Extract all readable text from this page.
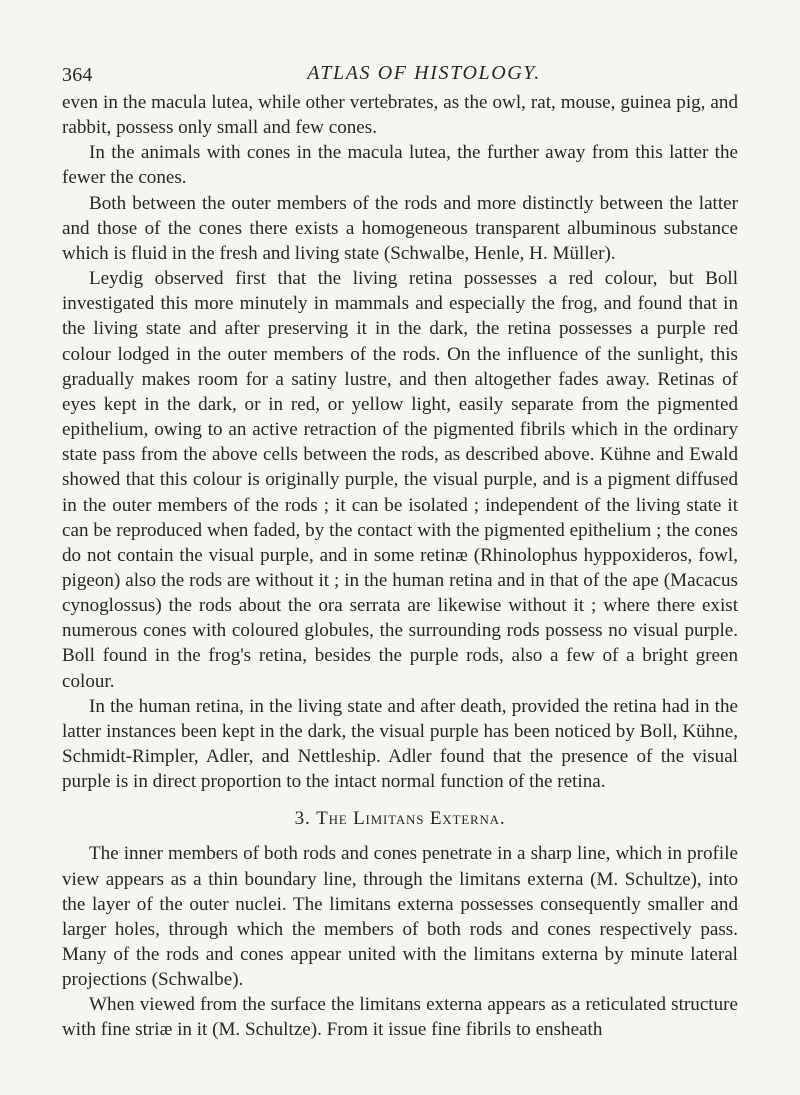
364	ATLAS OF HISTOLOGY.

even in the macula lutea, while other vertebrates, as the owl, rat, mouse, guinea pig, and rabbit, possess only small and few cones.

In the animals with cones in the macula lutea, the further away from this latter the fewer the cones.

Both between the outer members of the rods and more distinctly between the latter and those of the cones there exists a homogeneous transparent albuminous substance which is fluid in the fresh and living state (Schwalbe, Henle, H. Müller).

Leydig observed first that the living retina possesses a red colour, but Boll investigated this more minutely in mammals and especially the frog, and found that in the living state and after preserving it in the dark, the retina possesses a purple red colour lodged in the outer members of the rods. On the influence of the sunlight, this gradually makes room for a satiny lustre, and then altogether fades away. Retinas of eyes kept in the dark, or in red, or yellow light, easily separate from the pigmented epithelium, owing to an active retraction of the pigmented fibrils which in the ordinary state pass from the above cells between the rods, as described above. Kühne and Ewald showed that this colour is originally purple, the visual purple, and is a pigment diffused in the outer members of the rods ; it can be isolated ; independent of the living state it can be reproduced when faded, by the contact with the pigmented epithelium ; the cones do not contain the visual purple, and in some retinæ (Rhinolophus hyppoxideros, fowl, pigeon) also the rods are without it ; in the human retina and in that of the ape (Macacus cynoglossus) the rods about the ora serrata are likewise without it ; where there exist numerous cones with coloured globules, the surrounding rods possess no visual purple. Boll found in the frog's retina, besides the purple rods, also a few of a bright green colour.

In the human retina, in the living state and after death, provided the retina had in the latter instances been kept in the dark, the visual purple has been noticed by Boll, Kühne, Schmidt-Rimpler, Adler, and Nettleship. Adler found that the presence of the visual purple is in direct proportion to the intact normal function of the retina.

3. The Limitans Externa.

The inner members of both rods and cones penetrate in a sharp line, which in profile view appears as a thin boundary line, through the limitans externa (M. Schultze), into the layer of the outer nuclei. The limitans externa possesses consequently smaller and larger holes, through which the members of both rods and cones respectively pass. Many of the rods and cones appear united with the limitans externa by minute lateral projections (Schwalbe).

When viewed from the surface the limitans externa appears as a reticulated structure with fine striæ in it (M. Schultze). From it issue fine fibrils to ensheath
